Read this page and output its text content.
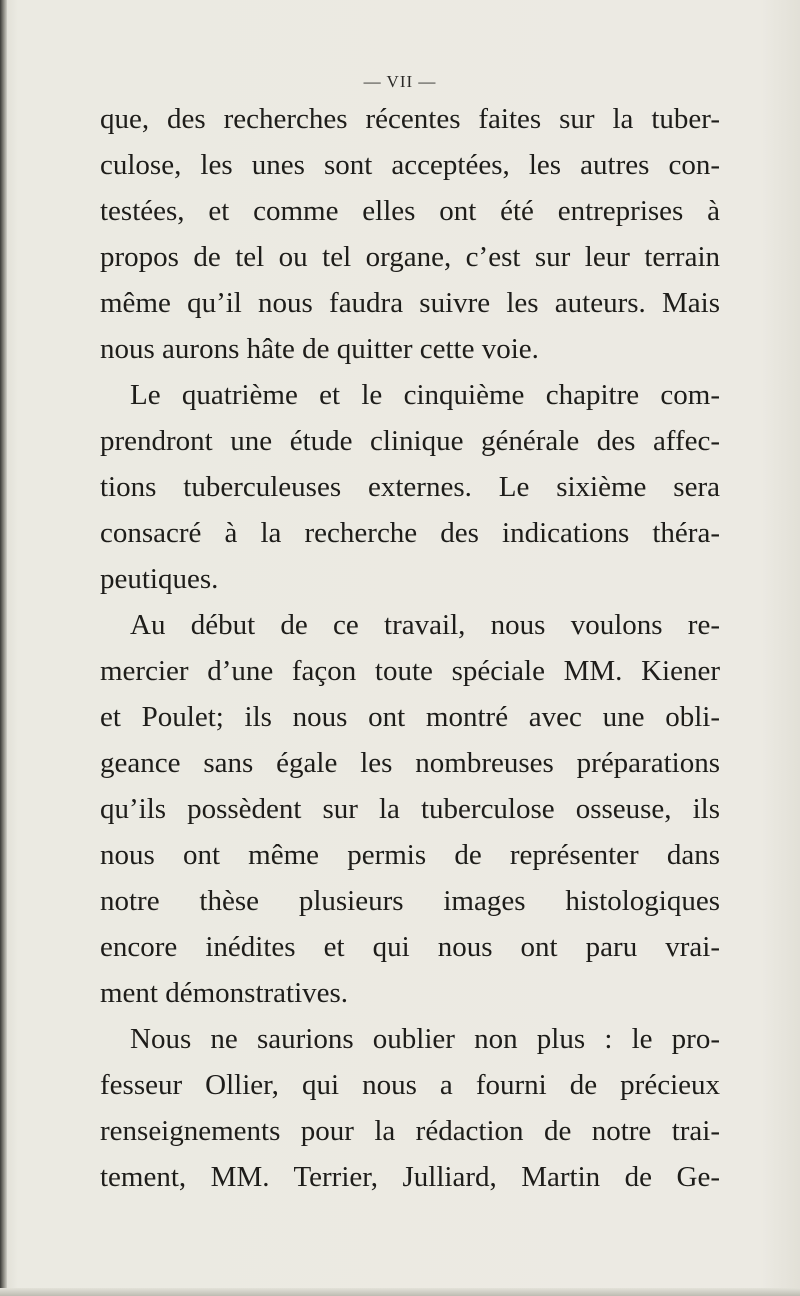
— VII —
que, des recherches récentes faites sur la tuber-
culose, les unes sont acceptées, les autres con-
testées, et comme elles ont été entreprises à
propos de tel ou tel organe, c’est sur leur terrain
même qu’il nous faudra suivre les auteurs. Mais
nous aurons hâte de quitter cette voie.
Le quatrième et le cinquième chapitre com-
prendront une étude clinique générale des affec-
tions tuberculeuses externes. Le sixième sera
consacré à la recherche des indications théra-
peutiques.
Au début de ce travail, nous voulons re-
mercier d’une façon toute spéciale MM. Kiener
et Poulet; ils nous ont montré avec une obli-
geance sans égale les nombreuses préparations
qu’ils possèdent sur la tuberculose osseuse, ils
nous ont même permis de représenter dans
notre thèse plusieurs images histologiques
encore inédites et qui nous ont paru vrai-
ment démonstratives.
Nous ne saurions oublier non plus : le pro-
fesseur Ollier, qui nous a fourni de précieux
renseignements pour la rédaction de notre trai-
tement, MM. Terrier, Julliard, Martin de Ge-
